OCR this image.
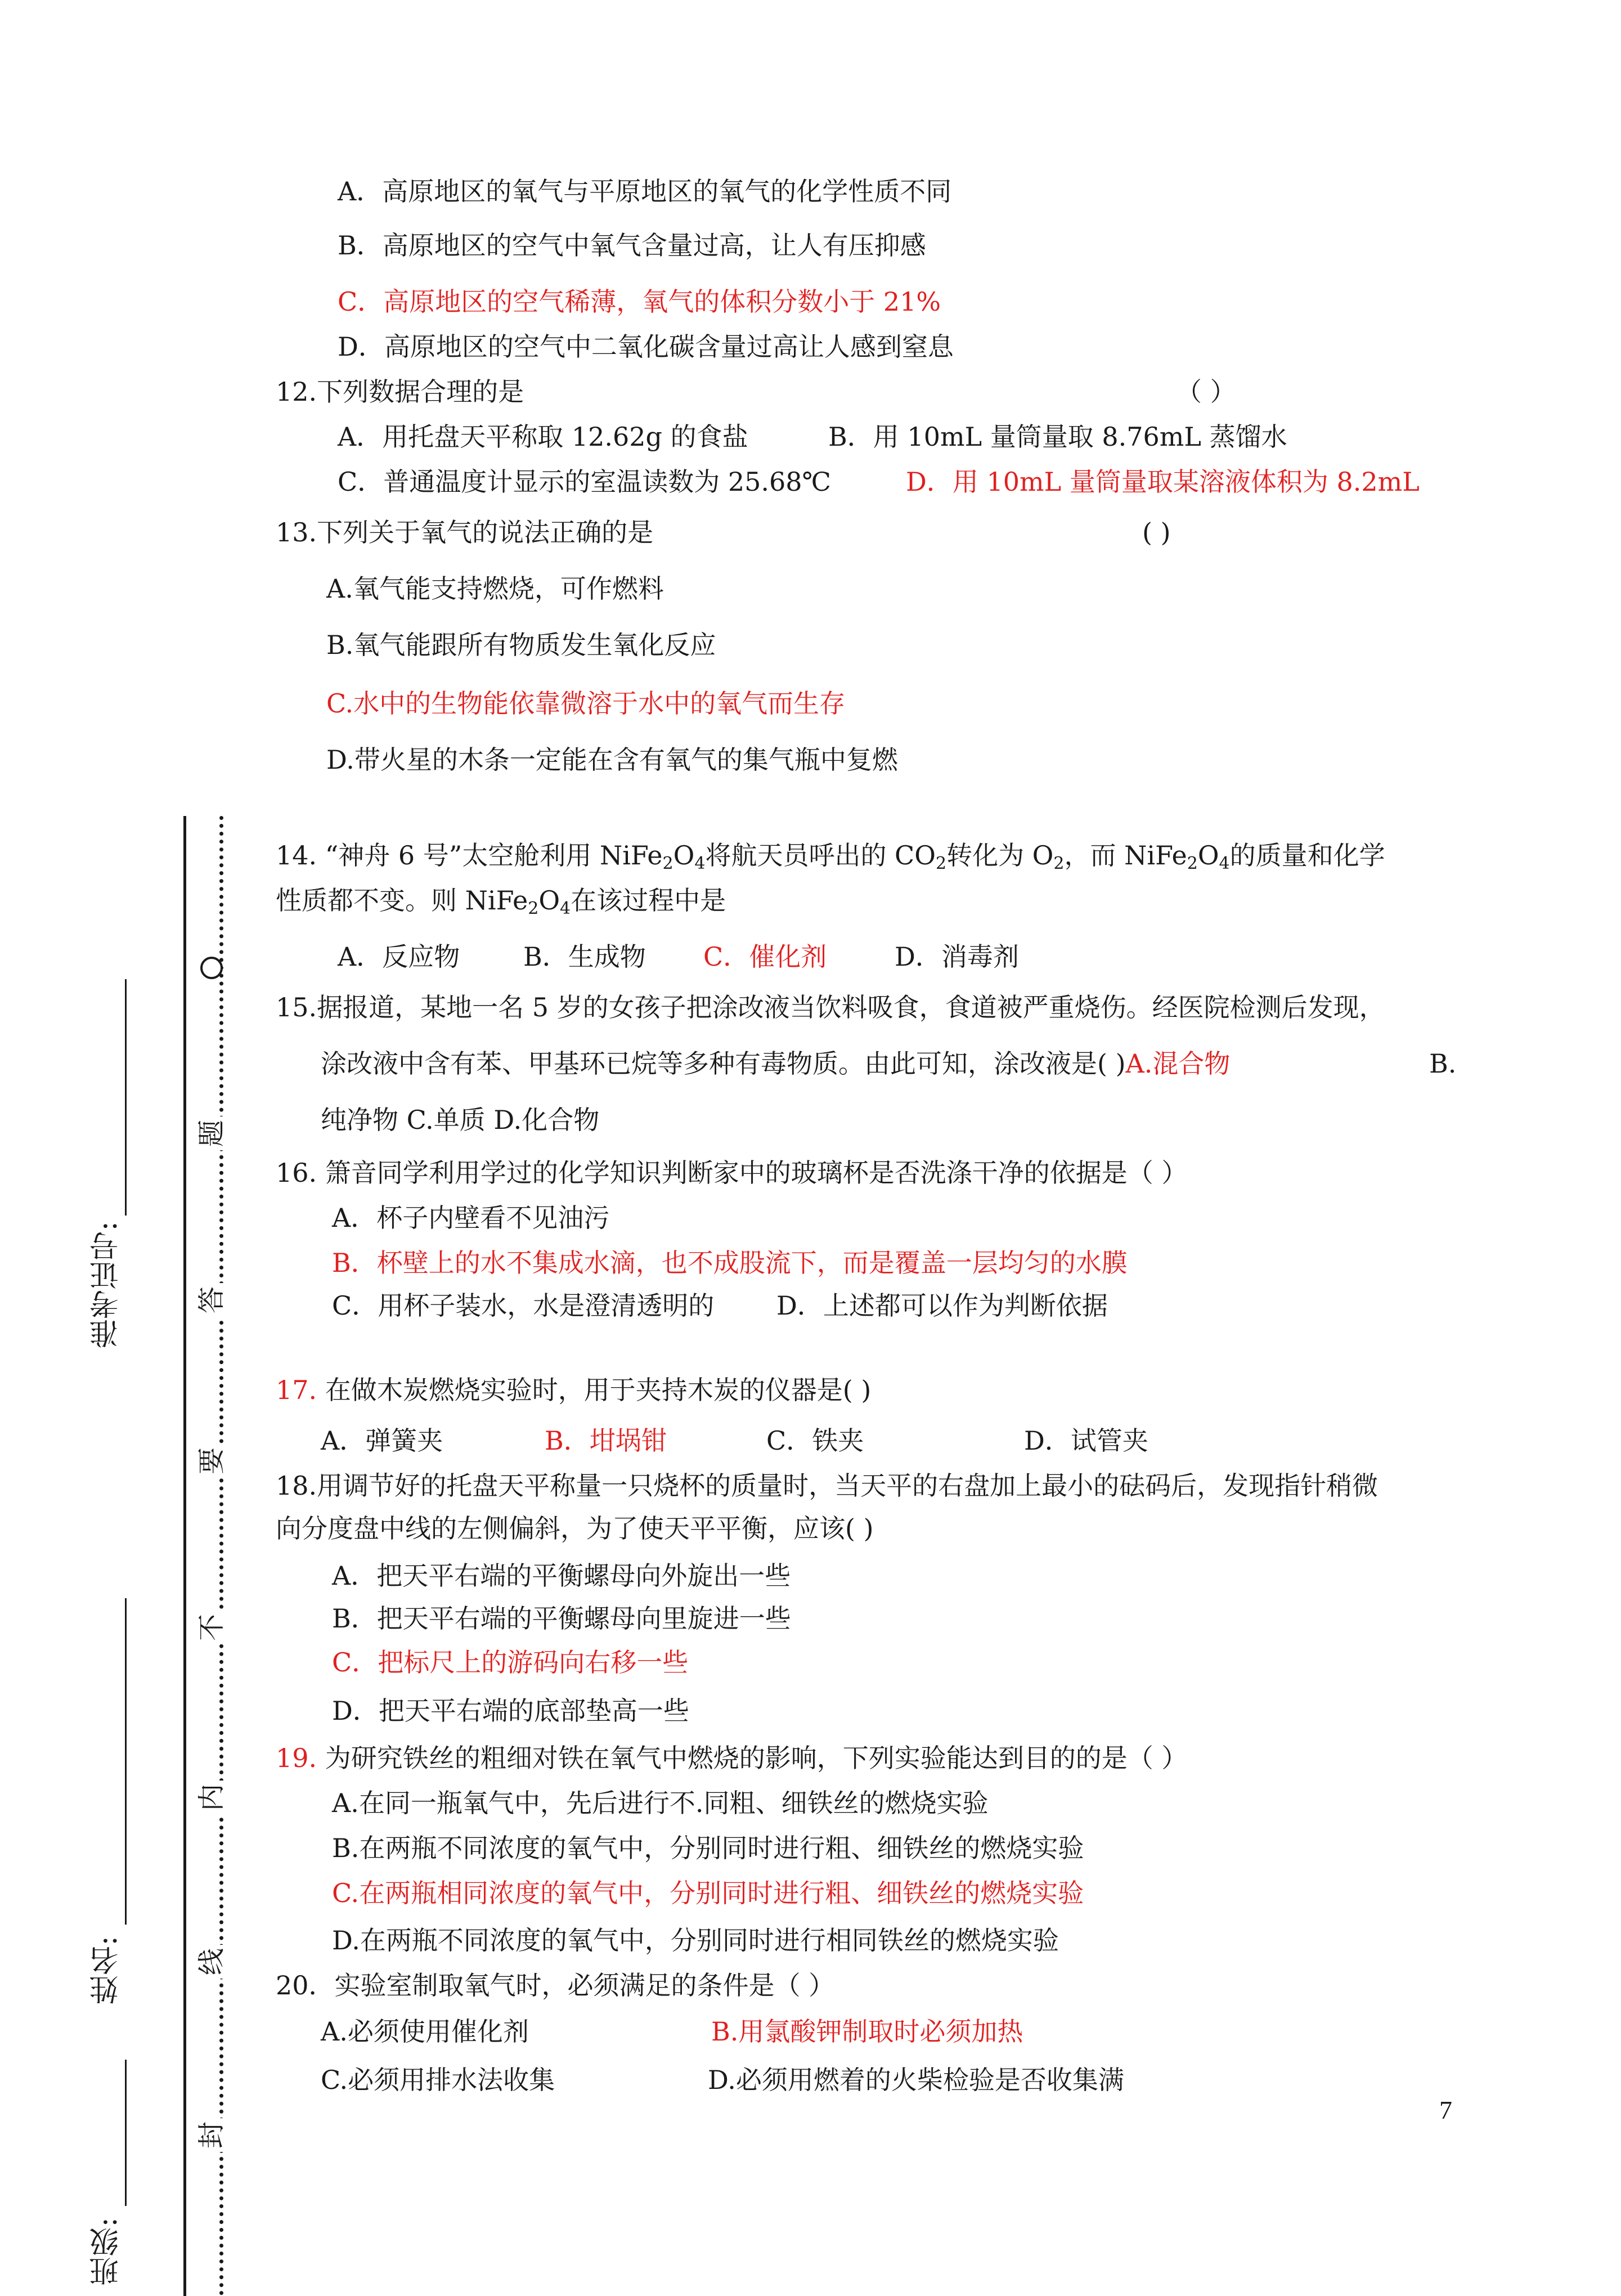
A．高原地区的氧气与平原地区的氧气的化学性质不同
B．高原地区的空气中氧气含量过高，让人有压抑感
C．高原地区的空气稀薄，氧气的体积分数小于 21%
D．高原地区的空气中二氧化碳含量过高让人感到窒息
12.下列数据合理的是	（ ）
A．用托盘天平称取 12.62g 的食盐	B．用 10mL 量筒量取 8.76mL 蒸馏水
C．普通温度计显示的室温读数为 25.68℃	D．用 10mL 量筒量取某溶液体积为 8.2mL
13.下列关于氧气的说法正确的是	( )
A.氧气能支持燃烧，可作燃料
B.氧气能跟所有物质发生氧化反应
C.水中的生物能依靠微溶于水中的氧气而生存
D.带火星的木条一定能在含有氧气的集气瓶中复燃
14. “神舟 6 号”太空舱利用 $NiFe_2O_4$将航天员呼出的 $CO_2$转化为 $O_2$，而 $NiFe_2O_4$的质量和化学
性质都不变。则 $NiFe_2O_4$在该过程中是
A．反应物 B．生成物 C．催化剂	D．消毒剂
15.据报道，某地一名 5 岁的女孩子把涂改液当饮料吸食，食道被严重烧伤。经医院检测后发现，
涂改液中含有苯、甲基环已烷等多种有毒物质。由此可知，涂改液是( )A.混合物	B.
纯净物 C.单质 D.化合物
16. 箫音同学利用学过的化学知识判断家中的玻璃杯是否洗涤干净的依据是（ ）
A．杯子内壁看不见油污
B．杯壁上的水不集成水滴，也不成股流下，而是覆盖一层均匀的水膜
C．用杯子装水，水是澄清透明的 D．上述都可以作为判断依据
17. 在做木炭燃烧实验时，用于夹持木炭的仪器是( )
A．弹簧夹	B．坩埚钳	C．铁夹	D．试管夹
18.用调节好的托盘天平称量一只烧杯的质量时，当天平的右盘加上最小的砝码后，发现指针稍微
向分度盘中线的左侧偏斜，为了使天平平衡，应该( )
A．把天平右端的平衡螺母向外旋出一些
B．把天平右端的平衡螺母向里旋进一些
C．把标尺上的游码向右移一些
D．把天平右端的底部垫高一些
19. 为研究铁丝的粗细对铁在氧气中燃烧的影响，下列实验能达到目的的是（ ）
A.在同一瓶氧气中，先后进行不.同粗、细铁丝的燃烧实验
B.在两瓶不同浓度的氧气中，分别同时进行粗、细铁丝的燃烧实验
C.在两瓶相同浓度的氧气中，分别同时进行粗、细铁丝的燃烧实验
D.在两瓶不同浓度的氧气中，分别同时进行相同铁丝的燃烧实验
20．实验室制取氧气时，必须满足的条件是（ ）
A.必须使用催化剂	B.用氯酸钾制取时必须加热
C.必须用排水法收集	D.必须用燃着的火柴检验是否收集满
7
题
答
要
不
内
线
封
准考证号:
姓名:
班级:
